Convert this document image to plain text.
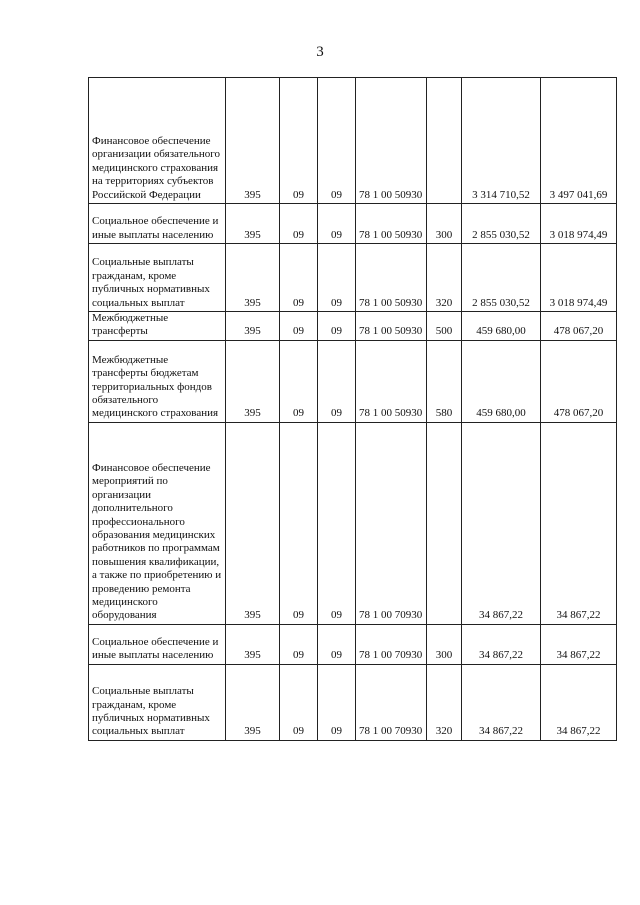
3
Финансовое обеспечение организации обязательного медицинского страхования на территориях субъектов Российской Федерации	395	09	09	78 1 00 50930		3 314 710,52	3 497 041,69
Социальное обеспечение и иные выплаты населению	395	09	09	78 1 00 50930	300	2 855 030,52	3 018 974,49
Социальные выплаты гражданам, кроме публичных нормативных социальных выплат	395	09	09	78 1 00 50930	320	2 855 030,52	3 018 974,49
Межбюджетные трансферты	395	09	09	78 1 00 50930	500	459 680,00	478 067,20
Межбюджетные трансферты бюджетам территориальных фондов обязательного медицинского страхования	395	09	09	78 1 00 50930	580	459 680,00	478 067,20
Финансовое обеспечение мероприятий по организации дополнительного профессионального образования медицинских работников по программам повышения квалификации, а также по приобретению и проведению ремонта медицинского оборудования	395	09	09	78 1 00 70930		34 867,22	34 867,22
Социальное обеспечение и иные выплаты населению	395	09	09	78 1 00 70930	300	34 867,22	34 867,22
Социальные выплаты гражданам, кроме публичных нормативных социальных выплат	395	09	09	78 1 00 70930	320	34 867,22	34 867,22
